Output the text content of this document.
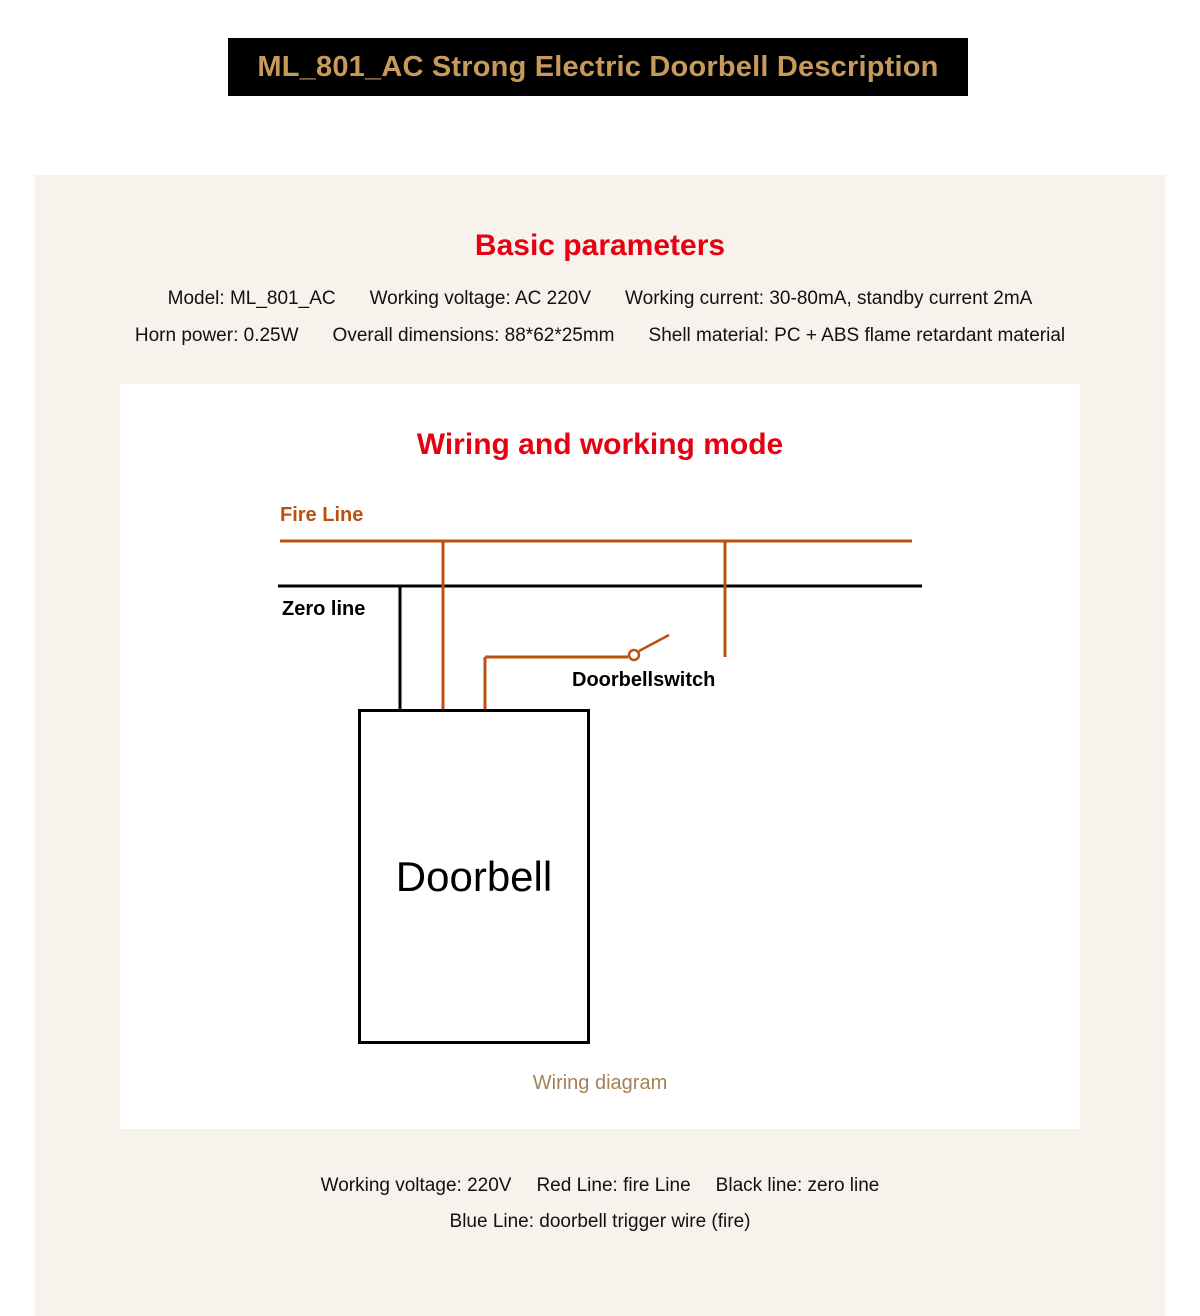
ML_801_AC Strong Electric Doorbell Description
Basic parameters
Model: ML_801_AC Working voltage: AC 220V Working current: 30-80mA, standby current 2mA
Horn power: 0.25W Overall dimensions: 88*62*25mm Shell material: PC + ABS flame retardant material
Wiring and working mode
Fire Line
Zero line
Doorbellswitch
Doorbell
Wiring diagram
Working voltage: 220V Red Line: fire Line Black line: zero line
Blue Line: doorbell trigger wire (fire)
